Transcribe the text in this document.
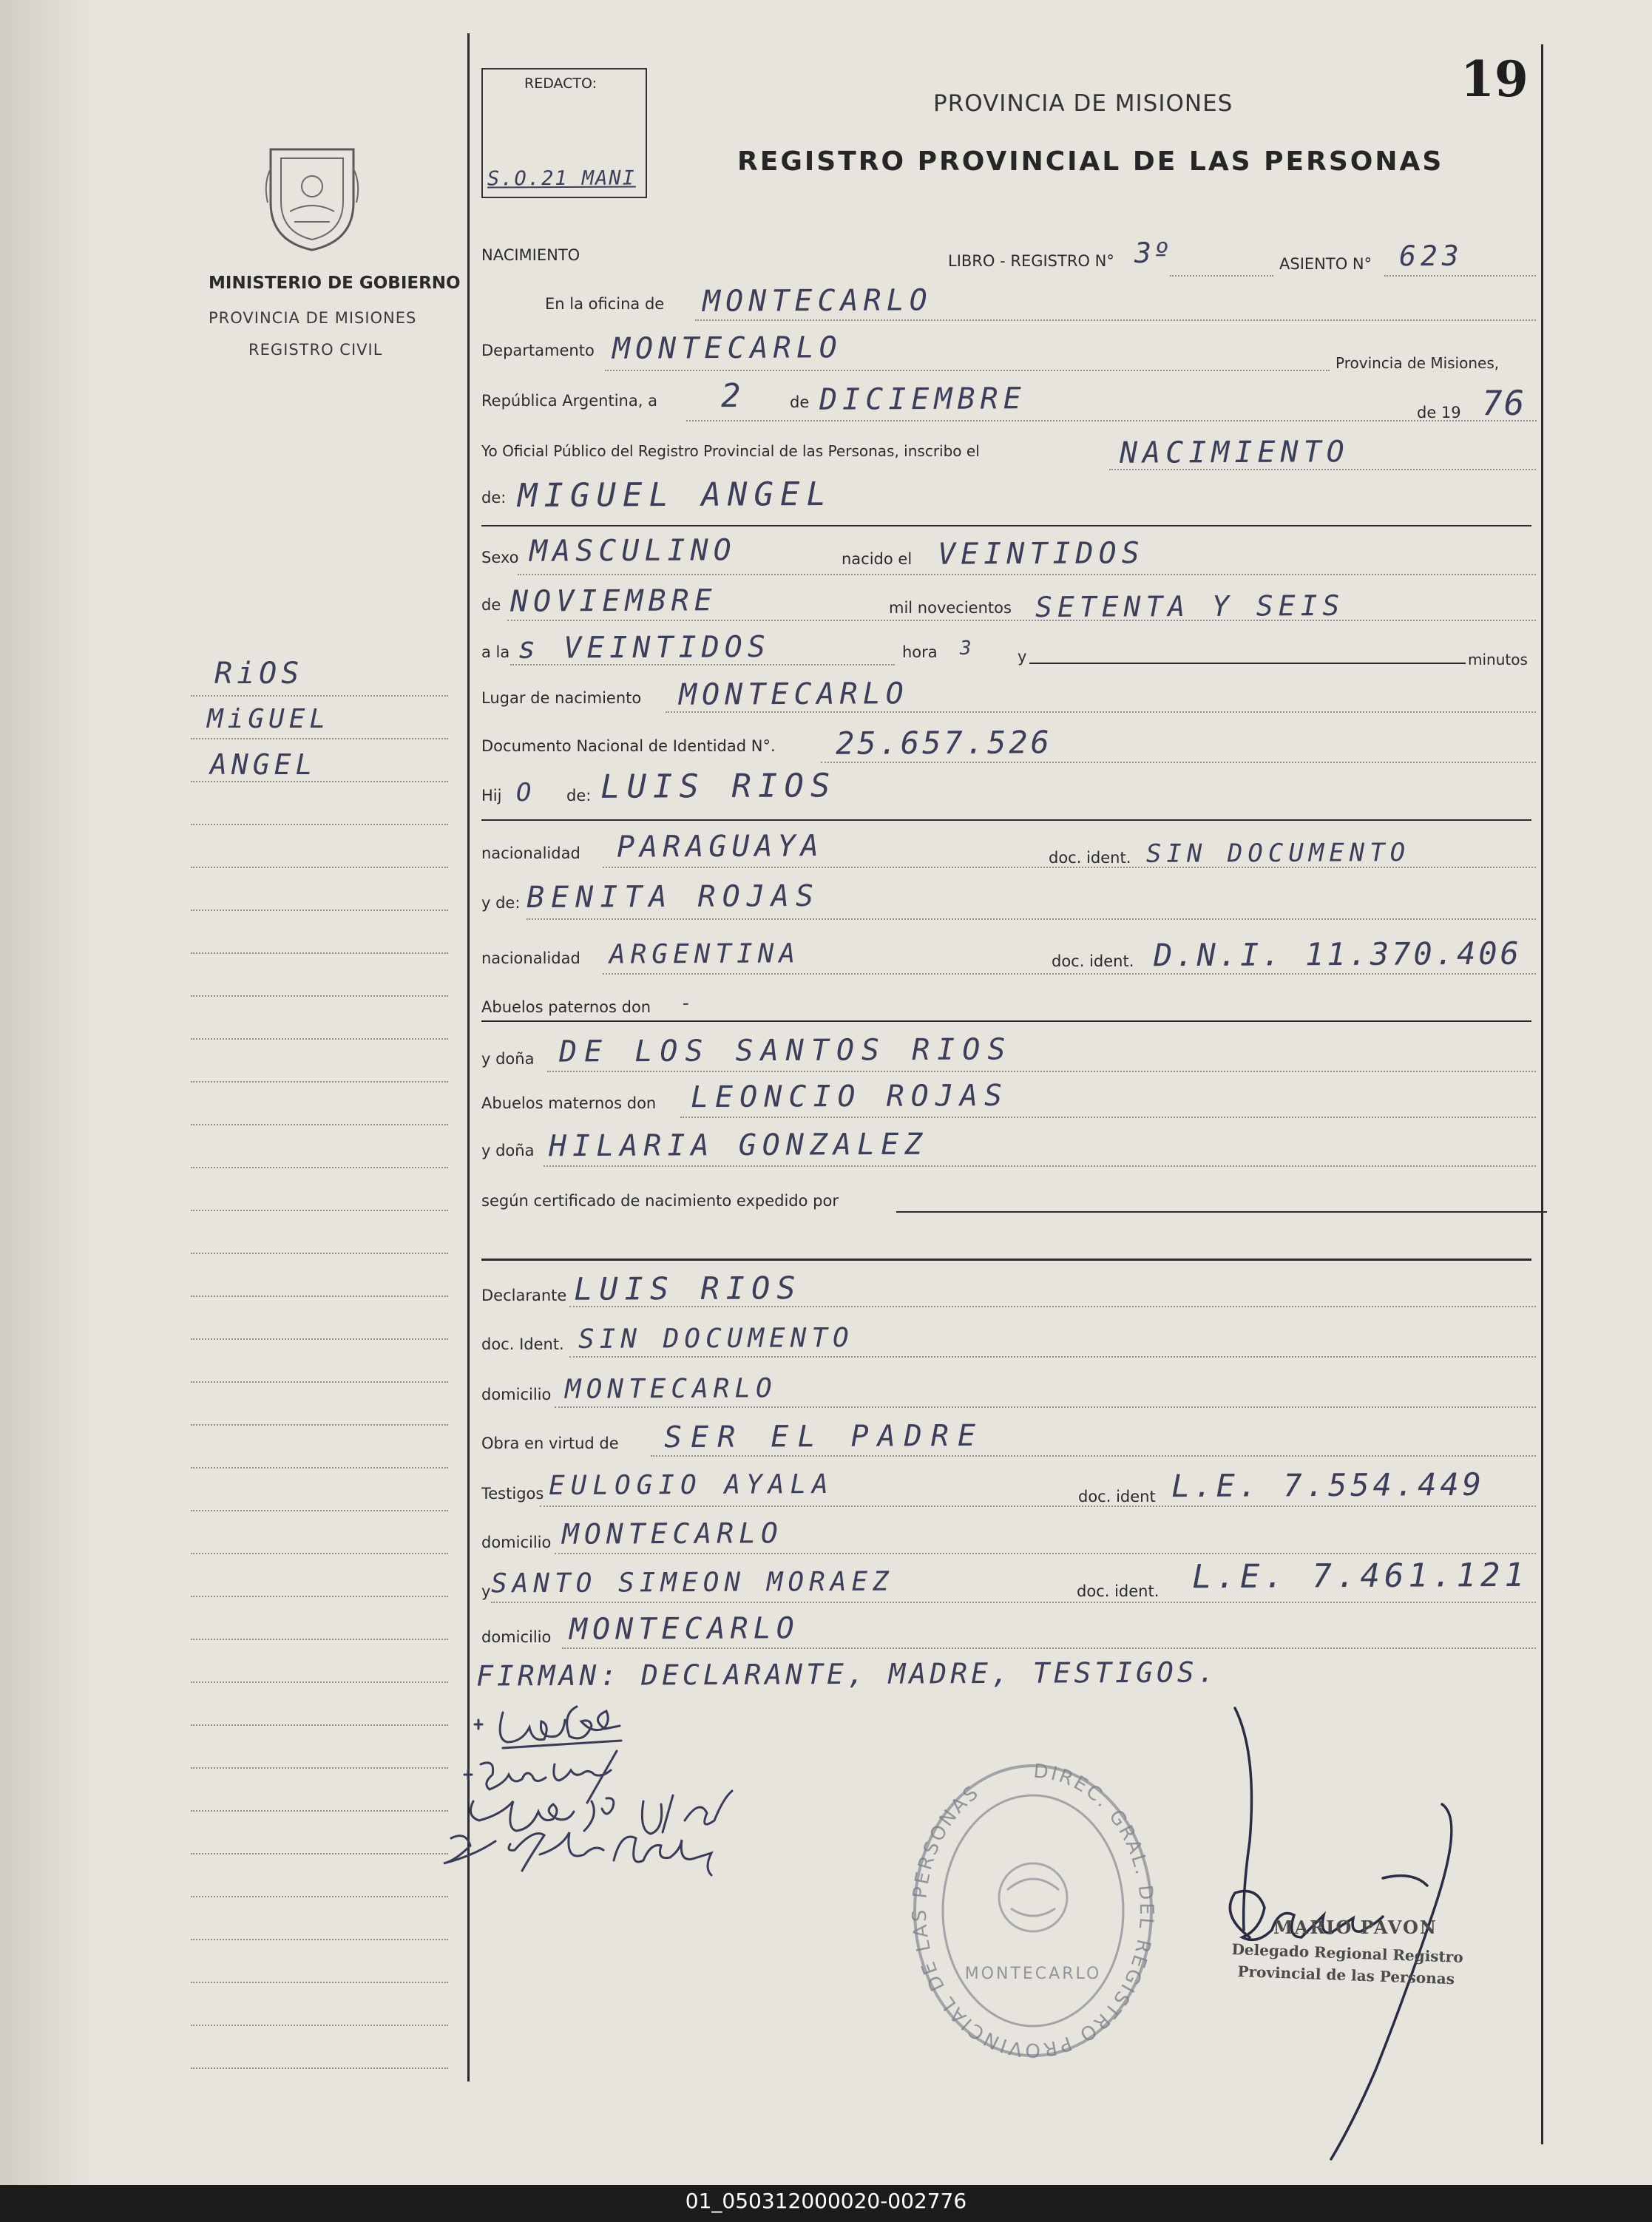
19
REDACTO:
S.O.21 MANI
PROVINCIA DE MISIONES
REGISTRO PROVINCIAL DE LAS PERSONAS
MINISTERIO DE GOBIERNO
PROVINCIA DE MISIONES
REGISTRO CIVIL
RiOS
MiGUEL
ANGEL
NACIMIENTO	LIBRO - REGISTRO N° 3º	ASIENTO N° 623
En la oficina de MONTECARLO
Departamento MONTECARLO	Provincia de Misiones,
República Argentina, a 2	de DICIEMBRE	de 19 76
Yo Oficial Público del Registro Provincial de las Personas, inscribo el	NACIMIENTO
de: MIGUEL ANGEL
Sexo MASCULINO	nacido el VEINTIDOS
de NOVIEMBRE	mil novecientos SETENTA Y SEIS
a la s VEINTIDOS	hora 3	y	minutos
Lugar de nacimiento MONTECARLO
Documento Nacional de Identidad N°. 25.657.526
Hij O de: LUIS RIOS
nacionalidad PARAGUAYA	doc. ident. SIN DOCUMENTO
y de: BENITA ROJAS
nacionalidad ARGENTINA	doc. ident. D.N.I. 11.370.406
Abuelos paternos don -
y doña DE LOS SANTOS RIOS
Abuelos maternos don LEONCIO ROJAS
y doña HILARIA GONZALEZ
según certificado de nacimiento expedido por
Declarante LUIS RIOS
doc. Ident. SIN DOCUMENTO
domicilio MONTECARLO
Obra en virtud de SER EL PADRE
Testigos EULOGIO AYALA	doc. ident L.E. 7.554.449
domicilio MONTECARLO
y SANTO SIMEON MORAEZ	doc. ident. L.E. 7.461.121
domicilio MONTECARLO
FIRMAN: DECLARANTE, MADRE, TESTIGOS.
DIREC. GRAL. DEL REGISTRO PROVINCIAL DE LAS PERSONAS
MONTECARLO
MARIO PAVON
Delegado Regional Registro
Provincial de las Personas
01_050312000020-002776
